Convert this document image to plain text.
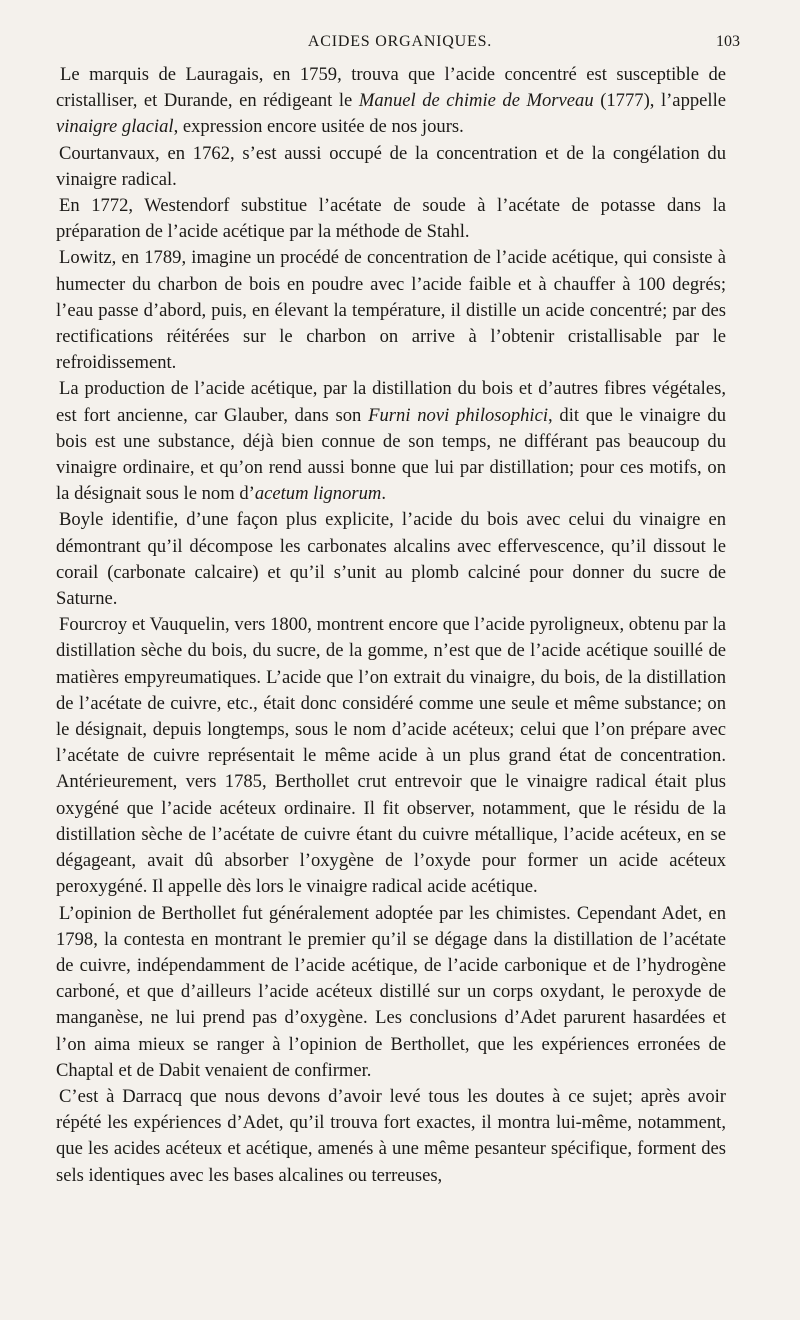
ACIDES ORGANIQUES.	103

Le marquis de Lauragais, en 1759, trouva que l’acide concentré est susceptible de cristalliser, et Durande, en rédigeant le Manuel de chimie de Morveau (1777), l’appelle vinaigre glacial, expression encore usitée de nos jours.

Courtanvaux, en 1762, s’est aussi occupé de la concentration et de la congélation du vinaigre radical.

En 1772, Westendorf substitue l’acétate de soude à l’acétate de potasse dans la préparation de l’acide acétique par la méthode de Stahl.

Lowitz, en 1789, imagine un procédé de concentration de l’acide acétique, qui consiste à humecter du charbon de bois en poudre avec l’acide faible et à chauffer à 100 degrés; l’eau passe d’abord, puis, en élevant la température, il distille un acide concentré; par des rectifications réitérées sur le charbon on arrive à l’obtenir cristallisable par le refroidissement.

La production de l’acide acétique, par la distillation du bois et d’autres fibres végétales, est fort ancienne, car Glauber, dans son Furni novi philosophici, dit que le vinaigre du bois est une substance, déjà bien connue de son temps, ne différant pas beaucoup du vinaigre ordinaire, et qu’on rend aussi bonne que lui par distillation; pour ces motifs, on la désignait sous le nom d’acetum lignorum.

Boyle identifie, d’une façon plus explicite, l’acide du bois avec celui du vinaigre en démontrant qu’il décompose les carbonates alcalins avec effervescence, qu’il dissout le corail (carbonate calcaire) et qu’il s’unit au plomb calciné pour donner du sucre de Saturne.

Fourcroy et Vauquelin, vers 1800, montrent encore que l’acide pyroligneux, obtenu par la distillation sèche du bois, du sucre, de la gomme, n’est que de l’acide acétique souillé de matières empyreumatiques. L’acide que l’on extrait du vinaigre, du bois, de la distillation de l’acétate de cuivre, etc., était donc considéré comme une seule et même substance; on le désignait, depuis longtemps, sous le nom d’acide acéteux; celui que l’on prépare avec l’acétate de cuivre représentait le même acide à un plus grand état de concentration. Antérieurement, vers 1785, Berthollet crut entrevoir que le vinaigre radical était plus oxygéné que l’acide acéteux ordinaire. Il fit observer, notamment, que le résidu de la distillation sèche de l’acétate de cuivre étant du cuivre métallique, l’acide acéteux, en se dégageant, avait dû absorber l’oxygène de l’oxyde pour former un acide acéteux peroxygéné. Il appelle dès lors le vinaigre radical acide acétique.

L’opinion de Berthollet fut généralement adoptée par les chimistes. Cependant Adet, en 1798, la contesta en montrant le premier qu’il se dégage dans la distillation de l’acétate de cuivre, indépendamment de l’acide acétique, de l’acide carbonique et de l’hydrogène carboné, et que d’ailleurs l’acide acéteux distillé sur un corps oxydant, le peroxyde de manganèse, ne lui prend pas d’oxygène. Les conclusions d’Adet parurent hasardées et l’on aima mieux se ranger à l’opinion de Berthollet, que les expériences erronées de Chaptal et de Dabit venaient de confirmer.

C’est à Darracq que nous devons d’avoir levé tous les doutes à ce sujet; après avoir répété les expériences d’Adet, qu’il trouva fort exactes, il montra lui-même, notamment, que les acides acéteux et acétique, amenés à une même pesanteur spécifique, forment des sels identiques avec les bases alcalines ou terreuses,
